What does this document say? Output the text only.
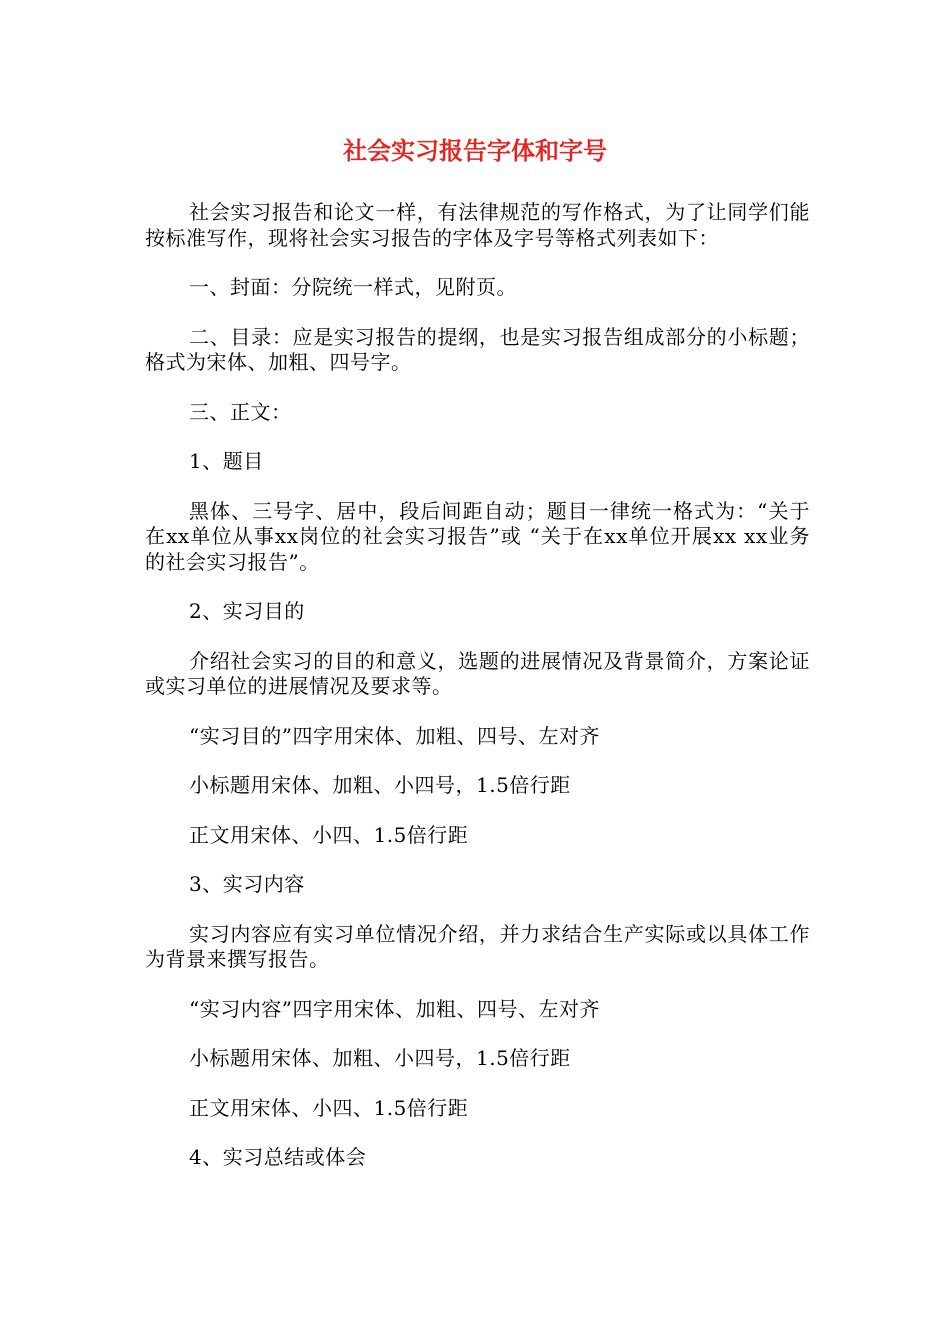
社会实习报告字体和字号

社会实习报告和论文一样，有法律规范的写作格式，为了让同学们能按标准写作，现将社会实习报告的字体及字号等格式列表如下：

一、封面：分院统一样式，见附页。

二、目录：应是实习报告的提纲，也是实习报告组成部分的小标题；格式为宋体、加粗、四号字。

三、正文：

1、题目

黑体、三号字、居中，段后间距自动；题目一律统一格式为：“关于在xx单位从事xx岗位的社会实习报告”或 “关于在xx单位开展xx xx业务的社会实习报告”。

2、实习目的

介绍社会实习的目的和意义，选题的进展情况及背景简介，方案论证或实习单位的进展情况及要求等。

“实习目的”四字用宋体、加粗、四号、左对齐

小标题用宋体、加粗、小四号，1.5倍行距

正文用宋体、小四、1.5倍行距

3、实习内容

实习内容应有实习单位情况介绍，并力求结合生产实际或以具体工作为背景来撰写报告。

“实习内容”四字用宋体、加粗、四号、左对齐

小标题用宋体、加粗、小四号，1.5倍行距

正文用宋体、小四、1.5倍行距

4、实习总结或体会
